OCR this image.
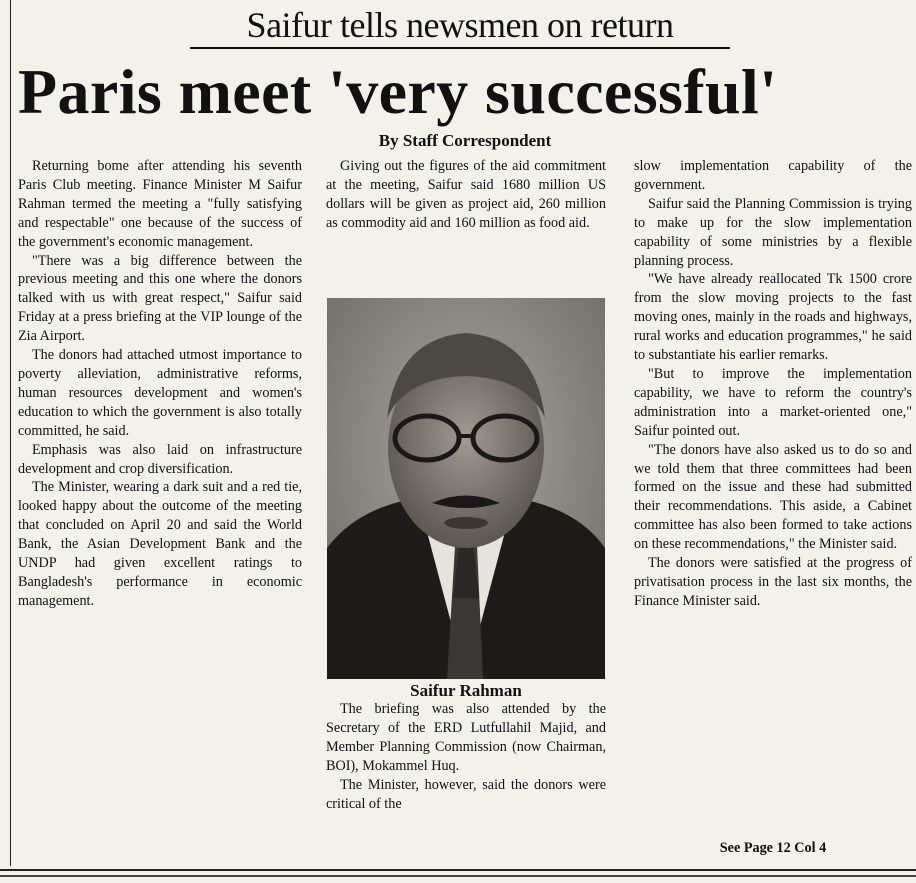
Saifur tells newsmen on return
Paris meet 'very successful'
By Staff Correspondent

Returning bome after attending his seventh Paris Club meeting. Finance Minister M Saifur Rahman termed the meeting a "fully satisfying and respectable" one because of the success of the government's economic management.

"There was a big difference between the previous meeting and this one where the donors talked with us with great respect," Saifur said Friday at a press briefing at the VIP lounge of the Zia Airport.

The donors had attached utmost importance to poverty alleviation, administrative reforms, human resources development and women's education to which the government is also totally committed, he said.

Emphasis was also laid on infrastructure development and crop diversification.

The Minister, wearing a dark suit and a red tie, looked happy about the outcome of the meeting that concluded on April 20 and said the World Bank, the Asian Development Bank and the UNDP had given excellent ratings to Bangladesh's performance in economic management.

Giving out the figures of the aid commitment at the meeting, Saifur said 1680 million US dollars will be given as project aid, 260 million as commodity aid and 160 million as food aid.

Saifur Rahman

The briefing was also attended by the Secretary of the ERD Lutfullahil Majid, and Member Planning Commission (now Chairman, BOI), Mokammel Huq.

The Minister, however, said the donors were critical of the

slow implementation capability of the government.

Saifur said the Planning Commission is trying to make up for the slow implementation capability of some ministries by a flexible planning process.

"We have already reallocated Tk 1500 crore from the slow moving projects to the fast moving ones, mainly in the roads and highways, rural works and education programmes," he said to substantiate his earlier remarks.

"But to improve the implementation capability, we have to reform the country's administration into a market-oriented one," Saifur pointed out.

"The donors have also asked us to do so and we told them that three committees had been formed on the issue and these had submitted their recommendations. This aside, a Cabinet committee has also been formed to take actions on these recommendations," the Minister said.

The donors were satisfied at the progress of privatisation process in the last six months, the Finance Minister said.

See Page 12 Col 4
